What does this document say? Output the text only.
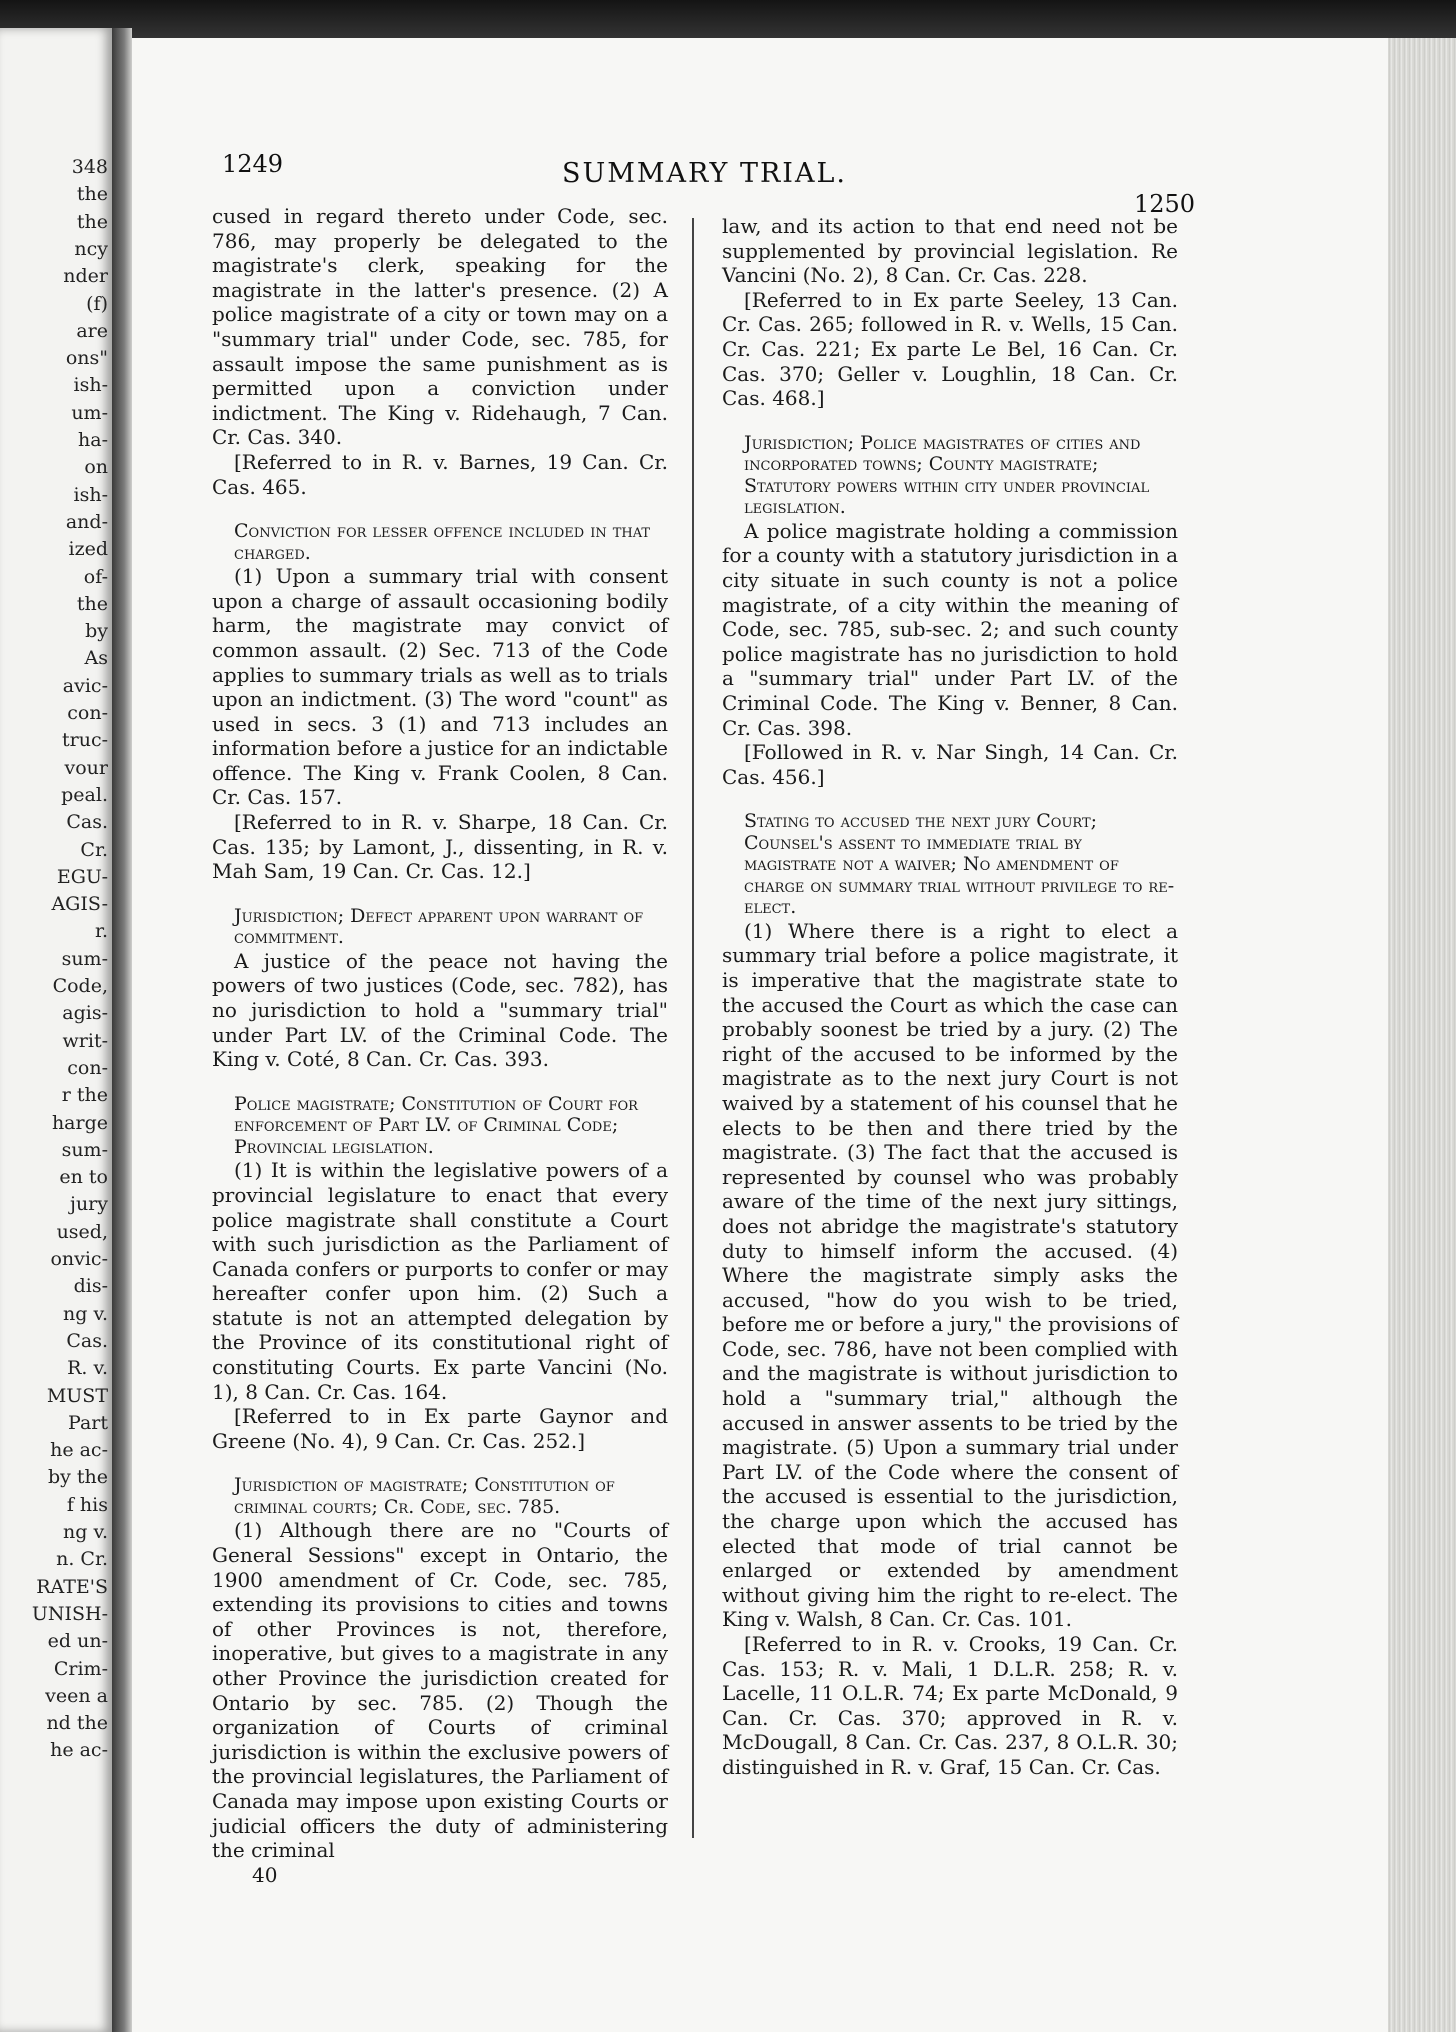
348
the
the
ncy
nder
(f)
are
ons"
ish-
um-
ha-
on
ish-
and-
ized
of-
the
by
As
avic-
con-
truc-
vour
peal.
Cas.
Cr.
EGU-
AGIS-
r.
sum-
Code,
agis-
writ-
con-
r the
harge
sum-
en to
jury
used,
onvic-
dis-
ng v.
Cas.
R. v.
MUST
Part
he ac-
by the
f his
ng v.
n. Cr.
RATE'S
UNISH-
ed un-
Crim-
veen a
nd the
he ac-
1249	SUMMARY TRIAL.
1250

cused in regard thereto under Code, sec. 786, may properly be delegated to the magistrate's clerk, speaking for the magistrate in the latter's presence. (2) A police magistrate of a city or town may on a "summary trial" under Code, sec. 785, for assault impose the same punishment as is permitted upon a conviction under indictment. The King v. Ridehaugh, 7 Can. Cr. Cas. 340.

[Referred to in R. v. Barnes, 19 Can. Cr. Cas. 465.

Conviction for lesser offence included in that charged.

(1) Upon a summary trial with consent upon a charge of assault occasioning bodily harm, the magistrate may convict of common assault. (2) Sec. 713 of the Code applies to summary trials as well as to trials upon an indictment. (3) The word "count" as used in secs. 3 (1) and 713 includes an information before a justice for an indictable offence. The King v. Frank Coolen, 8 Can. Cr. Cas. 157.

[Referred to in R. v. Sharpe, 18 Can. Cr. Cas. 135; by Lamont, J., dissenting, in R. v. Mah Sam, 19 Can. Cr. Cas. 12.]

Jurisdiction; Defect apparent upon warrant of commitment.

A justice of the peace not having the powers of two justices (Code, sec. 782), has no jurisdiction to hold a "summary trial" under Part LV. of the Criminal Code. The King v. Coté, 8 Can. Cr. Cas. 393.

Police magistrate; Constitution of Court for enforcement of Part LV. of Criminal Code; Provincial legislation.

(1) It is within the legislative powers of a provincial legislature to enact that every police magistrate shall constitute a Court with such jurisdiction as the Parliament of Canada confers or purports to confer or may hereafter confer upon him. (2) Such a statute is not an attempted delegation by the Province of its constitutional right of constituting Courts. Ex parte Vancini (No. 1), 8 Can. Cr. Cas. 164.

[Referred to in Ex parte Gaynor and Greene (No. 4), 9 Can. Cr. Cas. 252.]

Jurisdiction of magistrate; Constitution of criminal courts; Cr. Code, sec. 785.

(1) Although there are no "Courts of General Sessions" except in Ontario, the 1900 amendment of Cr. Code, sec. 785, extending its provisions to cities and towns of other Provinces is not, therefore, inoperative, but gives to a magistrate in any other Province the jurisdiction created for Ontario by sec. 785. (2) Though the organization of Courts of criminal jurisdiction is within the exclusive powers of the provincial legislatures, the Parliament of Canada may impose upon existing Courts or judicial officers the duty of administering the criminal

40

law, and its action to that end need not be supplemented by provincial legislation. Re Vancini (No. 2), 8 Can. Cr. Cas. 228.

[Referred to in Ex parte Seeley, 13 Can. Cr. Cas. 265; followed in R. v. Wells, 15 Can. Cr. Cas. 221; Ex parte Le Bel, 16 Can. Cr. Cas. 370; Geller v. Loughlin, 18 Can. Cr. Cas. 468.]

Jurisdiction; Police magistrates of cities and incorporated towns; County magistrate; Statutory powers within city under provincial legislation.

A police magistrate holding a commission for a county with a statutory jurisdiction in a city situate in such county is not a police magistrate, of a city within the meaning of Code, sec. 785, sub-sec. 2; and such county police magistrate has no jurisdiction to hold a "summary trial" under Part LV. of the Criminal Code. The King v. Benner, 8 Can. Cr. Cas. 398.

[Followed in R. v. Nar Singh, 14 Can. Cr. Cas. 456.]

Stating to accused the next jury Court; Counsel's assent to immediate trial by magistrate not a waiver; No amendment of charge on summary trial without privilege to re-elect.

(1) Where there is a right to elect a summary trial before a police magistrate, it is imperative that the magistrate state to the accused the Court as which the case can probably soonest be tried by a jury. (2) The right of the accused to be informed by the magistrate as to the next jury Court is not waived by a statement of his counsel that he elects to be then and there tried by the magistrate. (3) The fact that the accused is represented by counsel who was probably aware of the time of the next jury sittings, does not abridge the magistrate's statutory duty to himself inform the accused. (4) Where the magistrate simply asks the accused, "how do you wish to be tried, before me or before a jury," the provisions of Code, sec. 786, have not been complied with and the magistrate is without jurisdiction to hold a "summary trial," although the accused in answer assents to be tried by the magistrate. (5) Upon a summary trial under Part LV. of the Code where the consent of the accused is essential to the jurisdiction, the charge upon which the accused has elected that mode of trial cannot be enlarged or extended by amendment without giving him the right to re-elect. The King v. Walsh, 8 Can. Cr. Cas. 101.

[Referred to in R. v. Crooks, 19 Can. Cr. Cas. 153; R. v. Mali, 1 D.L.R. 258; R. v. Lacelle, 11 O.L.R. 74; Ex parte McDonald, 9 Can. Cr. Cas. 370; approved in R. v. McDougall, 8 Can. Cr. Cas. 237, 8 O.L.R. 30; distinguished in R. v. Graf, 15 Can. Cr. Cas.
